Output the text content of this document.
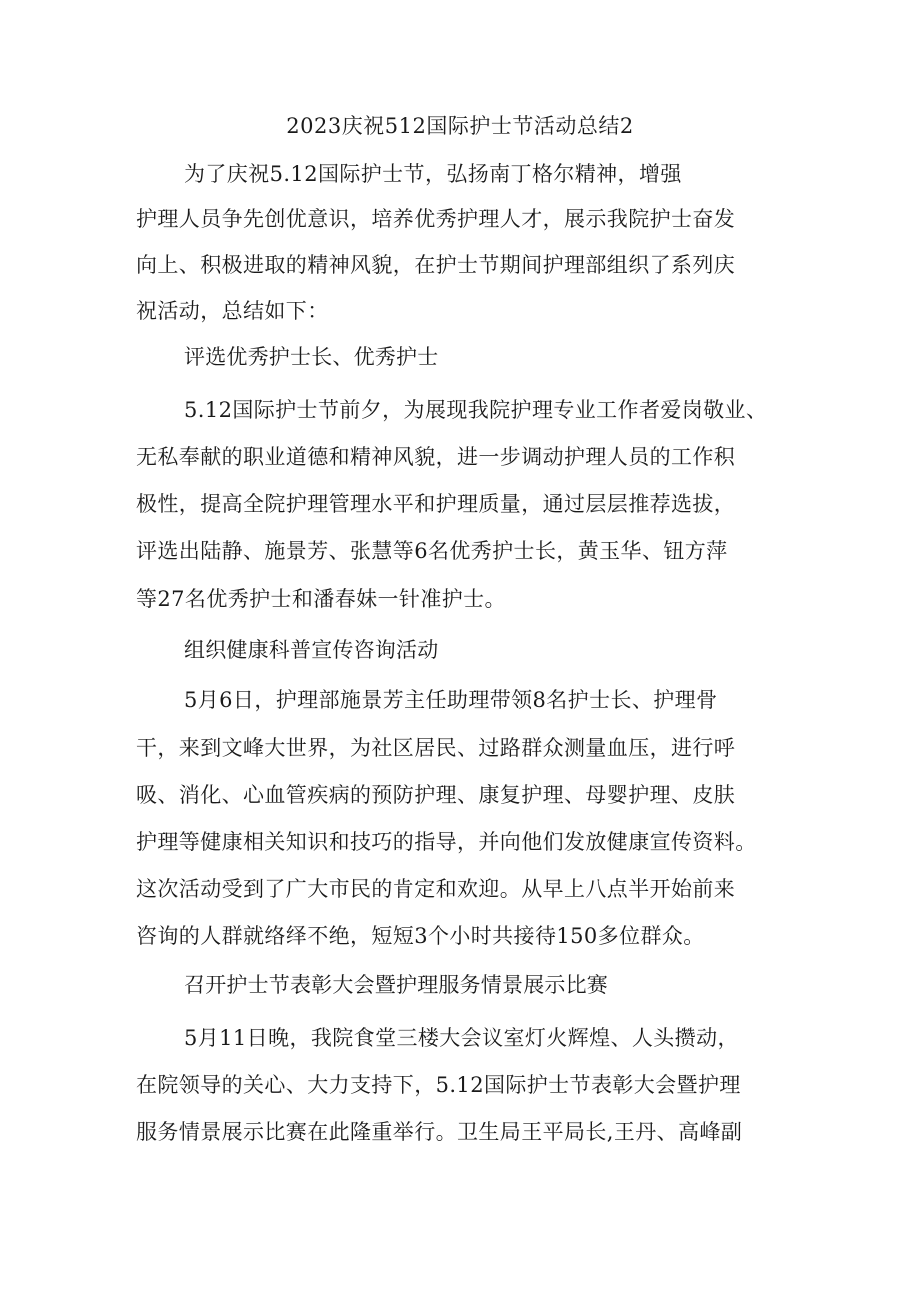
2023庆祝512国际护士节活动总结2
为了庆祝5.12国际护士节，弘扬南丁格尔精神，增强
护理人员争先创优意识，培养优秀护理人才，展示我院护士奋发
向上、积极进取的精神风貌，在护士节期间护理部组织了系列庆
祝活动，总结如下：
评选优秀护士长、优秀护士
5.12国际护士节前夕，为展现我院护理专业工作者爱岗敬业、
无私奉献的职业道德和精神风貌，进一步调动护理人员的工作积
极性，提高全院护理管理水平和护理质量，通过层层推荐选拔，
评选出陆静、施景芳、张慧等6名优秀护士长，黄玉华、钮方萍
等27名优秀护士和潘春妹一针准护士。
组织健康科普宣传咨询活动
5月6日，护理部施景芳主任助理带领8名护士长、护理骨
干，来到文峰大世界，为社区居民、过路群众测量血压，进行呼
吸、消化、心血管疾病的预防护理、康复护理、母婴护理、皮肤
护理等健康相关知识和技巧的指导，并向他们发放健康宣传资料。
这次活动受到了广大市民的肯定和欢迎。从早上八点半开始前来
咨询的人群就络绎不绝，短短3个小时共接待150多位群众。
召开护士节表彰大会暨护理服务情景展示比赛
5月11日晚，我院食堂三楼大会议室灯火辉煌、人头攒动，
在院领导的关心、大力支持下，5.12国际护士节表彰大会暨护理
服务情景展示比赛在此隆重举行。卫生局王平局长,王丹、高峰副
